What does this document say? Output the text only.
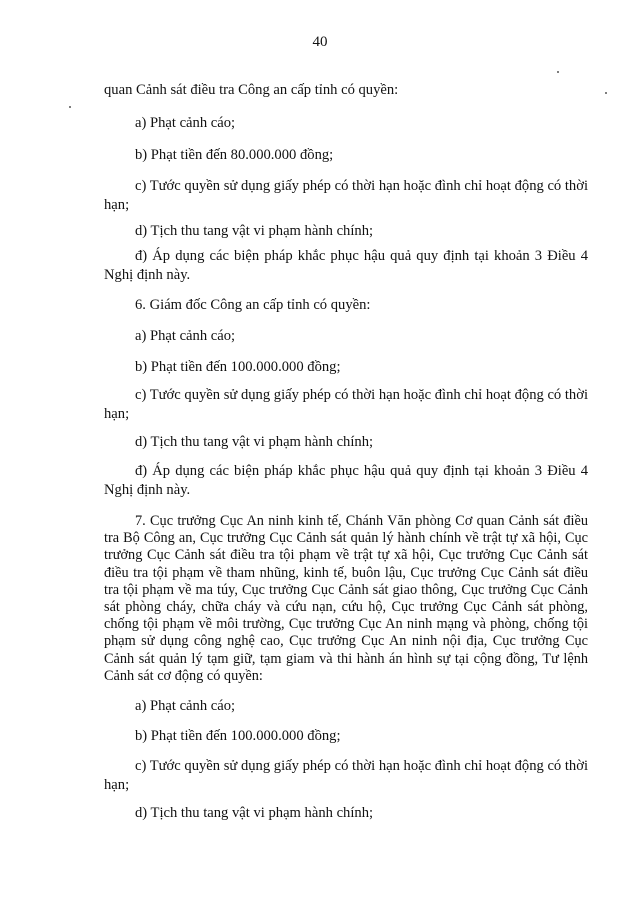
40

quan Cảnh sát điều tra Công an cấp tỉnh có quyền:

a) Phạt cảnh cáo;

b) Phạt tiền đến 80.000.000 đồng;

c) Tước quyền sử dụng giấy phép có thời hạn hoặc đình chỉ hoạt động có thời hạn;

d) Tịch thu tang vật vi phạm hành chính;

đ) Áp dụng các biện pháp khắc phục hậu quả quy định tại khoản 3 Điều 4 Nghị định này.

6. Giám đốc Công an cấp tỉnh có quyền:

a) Phạt cảnh cáo;

b) Phạt tiền đến 100.000.000 đồng;

c) Tước quyền sử dụng giấy phép có thời hạn hoặc đình chỉ hoạt động có thời hạn;

d) Tịch thu tang vật vi phạm hành chính;

đ) Áp dụng các biện pháp khắc phục hậu quả quy định tại khoản 3 Điều 4 Nghị định này.

7. Cục trưởng Cục An ninh kinh tế, Chánh Văn phòng Cơ quan Cảnh sát điều tra Bộ Công an, Cục trưởng Cục Cảnh sát quản lý hành chính về trật tự xã hội, Cục trưởng Cục Cảnh sát điều tra tội phạm về trật tự xã hội, Cục trưởng Cục Cảnh sát điều tra tội phạm về tham nhũng, kinh tế, buôn lậu, Cục trưởng Cục Cảnh sát điều tra tội phạm về ma túy, Cục trưởng Cục Cảnh sát giao thông, Cục trưởng Cục Cảnh sát phòng cháy, chữa cháy và cứu nạn, cứu hộ, Cục trưởng Cục Cảnh sát phòng, chống tội phạm về môi trường, Cục trưởng Cục An ninh mạng và phòng, chống tội phạm sử dụng công nghệ cao, Cục trưởng Cục An ninh nội địa, Cục trưởng Cục Cảnh sát quản lý tạm giữ, tạm giam và thi hành án hình sự tại cộng đồng, Tư lệnh Cảnh sát cơ động có quyền:

a) Phạt cảnh cáo;

b) Phạt tiền đến 100.000.000 đồng;

c) Tước quyền sử dụng giấy phép có thời hạn hoặc đình chỉ hoạt động có thời hạn;

d) Tịch thu tang vật vi phạm hành chính;
